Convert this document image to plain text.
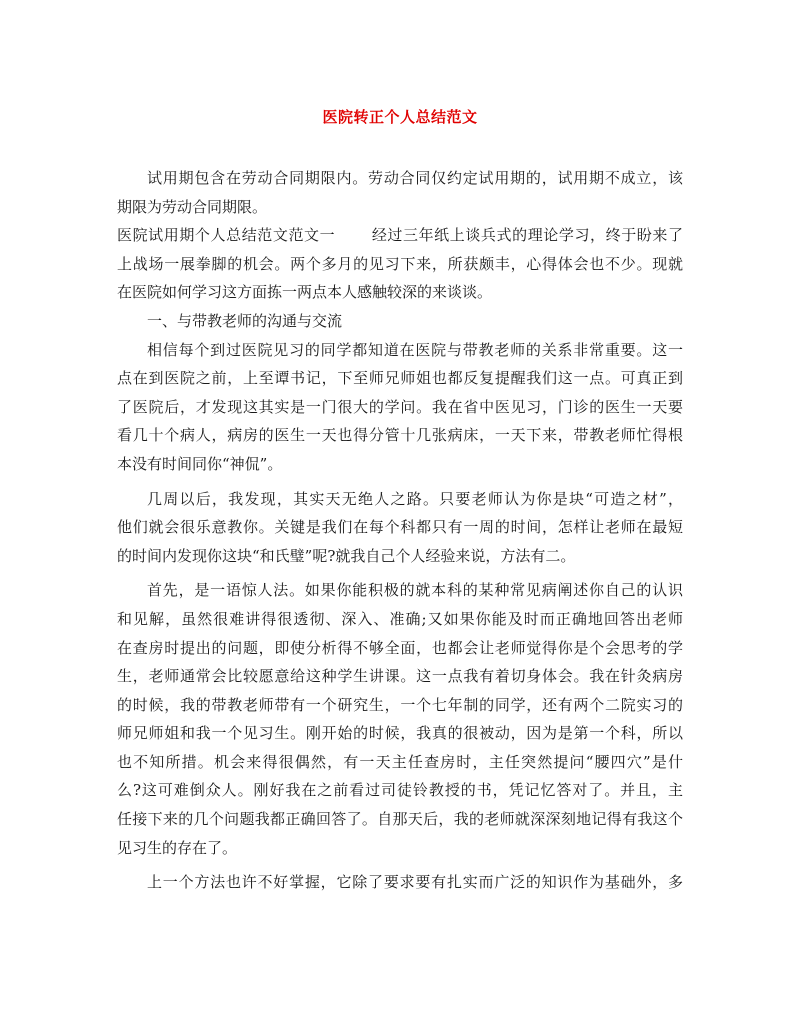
医院转正个人总结范文
试用期包含在劳动合同期限内。劳动合同仅约定试用期的，试用期不成立，该
期限为劳动合同期限。
医院试用期个人总结范文范文一 经过三年纸上谈兵式的理论学习，终于盼来了
上战场一展拳脚的机会。两个多月的见习下来，所获颇丰，心得体会也不少。现就
在医院如何学习这方面拣一两点本人感触较深的来谈谈。
一、与带教老师的沟通与交流
相信每个到过医院见习的同学都知道在医院与带教老师的关系非常重要。这一
点在到医院之前，上至谭书记，下至师兄师姐也都反复提醒我们这一点。可真正到
了医院后，才发现这其实是一门很大的学问。我在省中医见习，门诊的医生一天要
看几十个病人，病房的医生一天也得分管十几张病床，一天下来，带教老师忙得根
本没有时间同你“神侃”。
几周以后，我发现，其实天无绝人之路。只要老师认为你是块“可造之材”，
他们就会很乐意教你。关键是我们在每个科都只有一周的时间，怎样让老师在最短
的时间内发现你这块“和氏璧”呢?就我自己个人经验来说，方法有二。
首先，是一语惊人法。如果你能积极的就本科的某种常见病阐述你自己的认识
和见解，虽然很难讲得很透彻、深入、准确;又如果你能及时而正确地回答出老师
在查房时提出的问题，即使分析得不够全面，也都会让老师觉得你是个会思考的学
生，老师通常会比较愿意给这种学生讲课。这一点我有着切身体会。我在针灸病房
的时候，我的带教老师带有一个研究生，一个七年制的同学，还有两个二院实习的
师兄师姐和我一个见习生。刚开始的时候，我真的很被动，因为是第一个科，所以
也不知所措。机会来得很偶然，有一天主任查房时，主任突然提问“腰四穴”是什
么?这可难倒众人。刚好我在之前看过司徒铃教授的书，凭记忆答对了。并且，主
任接下来的几个问题我都正确回答了。自那天后，我的老师就深深刻地记得有我这个
见习生的存在了。
上一个方法也许不好掌握，它除了要求要有扎实而广泛的知识作为基础外，多
